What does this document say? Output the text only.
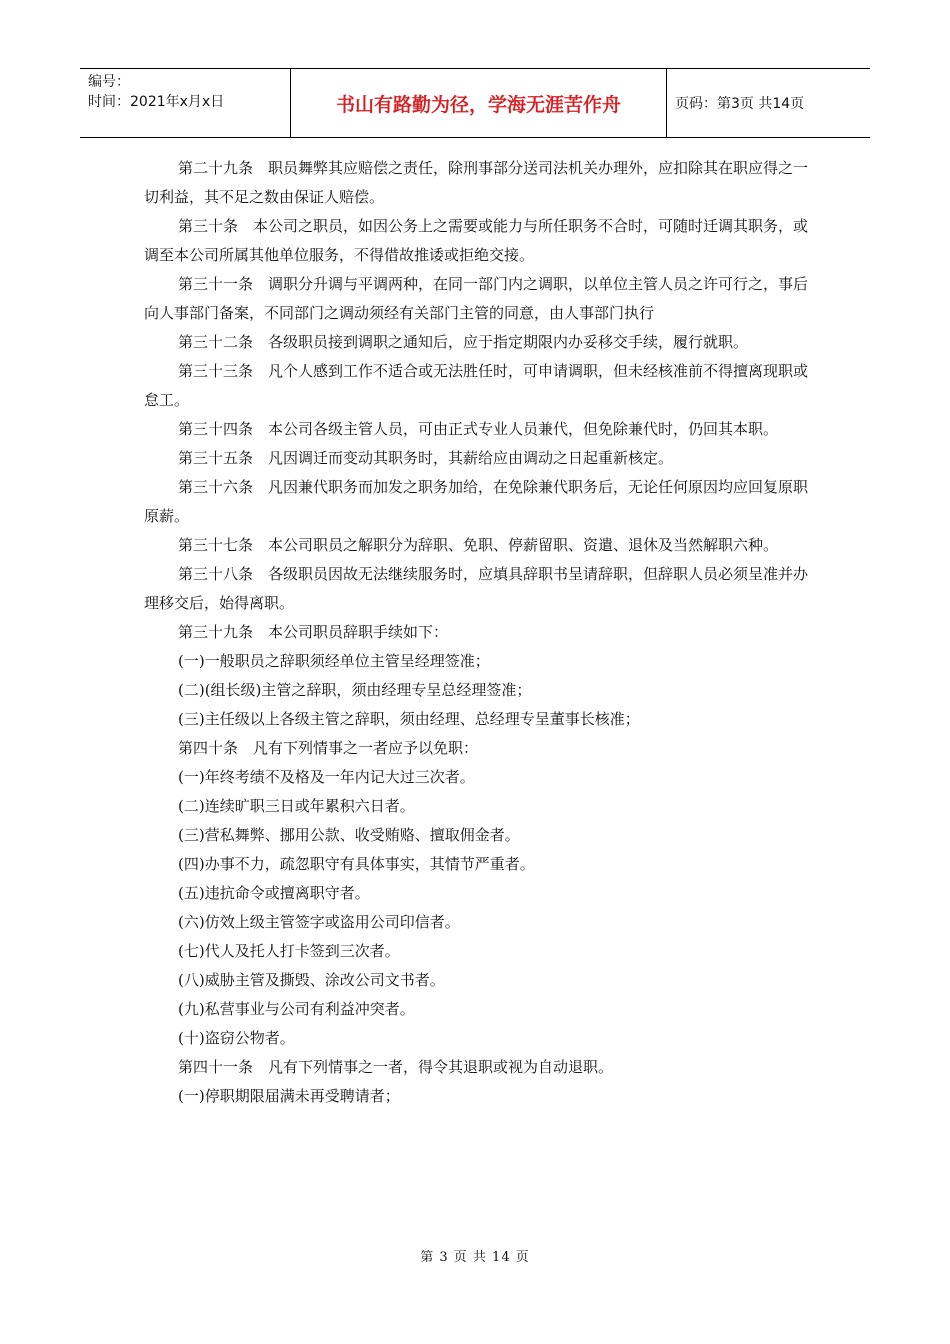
编号：
时间：2021年x月x日	书山有路勤为径，学海无涯苦作舟	页码：第3页 共14页

第二十九条　职员舞弊其应赔偿之责任，除刑事部分送司法机关办理外，应扣除其在职应得之一切利益，其不足之数由保证人赔偿。

第三十条　本公司之职员，如因公务上之需要或能力与所任职务不合时，可随时迁调其职务，或调至本公司所属其他单位服务，不得借故推诿或拒绝交接。

第三十一条　调职分升调与平调两种，在同一部门内之调职，以单位主管人员之许可行之，事后向人事部门备案，不同部门之调动须经有关部门主管的同意，由人事部门执行

第三十二条　各级职员接到调职之通知后，应于指定期限内办妥移交手续，履行就职。

第三十三条　凡个人感到工作不适合或无法胜任时，可申请调职，但未经核准前不得擅离现职或怠工。

第三十四条　本公司各级主管人员，可由正式专业人员兼代，但免除兼代时，仍回其本职。

第三十五条　凡因调迁而变动其职务时，其薪给应由调动之日起重新核定。

第三十六条　凡因兼代职务而加发之职务加给，在免除兼代职务后，无论任何原因均应回复原职原薪。

第三十七条　本公司职员之解职分为辞职、免职、停薪留职、资遣、退休及当然解职六种。

第三十八条　各级职员因故无法继续服务时，应填具辞职书呈请辞职，但辞职人员必须呈准并办理移交后，始得离职。

第三十九条　本公司职员辞职手续如下：

(一)一般职员之辞职须经单位主管呈经理签准；

(二)(组长级)主管之辞职，须由经理专呈总经理签准；

(三)主任级以上各级主管之辞职，须由经理、总经理专呈董事长核准；

第四十条　凡有下列情事之一者应予以免职：

(一)年终考绩不及格及一年内记大过三次者。

(二)连续旷职三日或年累积六日者。

(三)营私舞弊、挪用公款、收受贿赂、擅取佣金者。

(四)办事不力，疏忽职守有具体事实，其情节严重者。

(五)违抗命令或擅离职守者。

(六)仿效上级主管签字或盗用公司印信者。

(七)代人及托人打卡签到三次者。

(八)威胁主管及撕毁、涂改公司文书者。

(九)私营事业与公司有利益冲突者。

(十)盗窃公物者。

第四十一条　凡有下列情事之一者，得令其退职或视为自动退职。

(一)停职期限届满未再受聘请者；

第 3 页 共 14 页
